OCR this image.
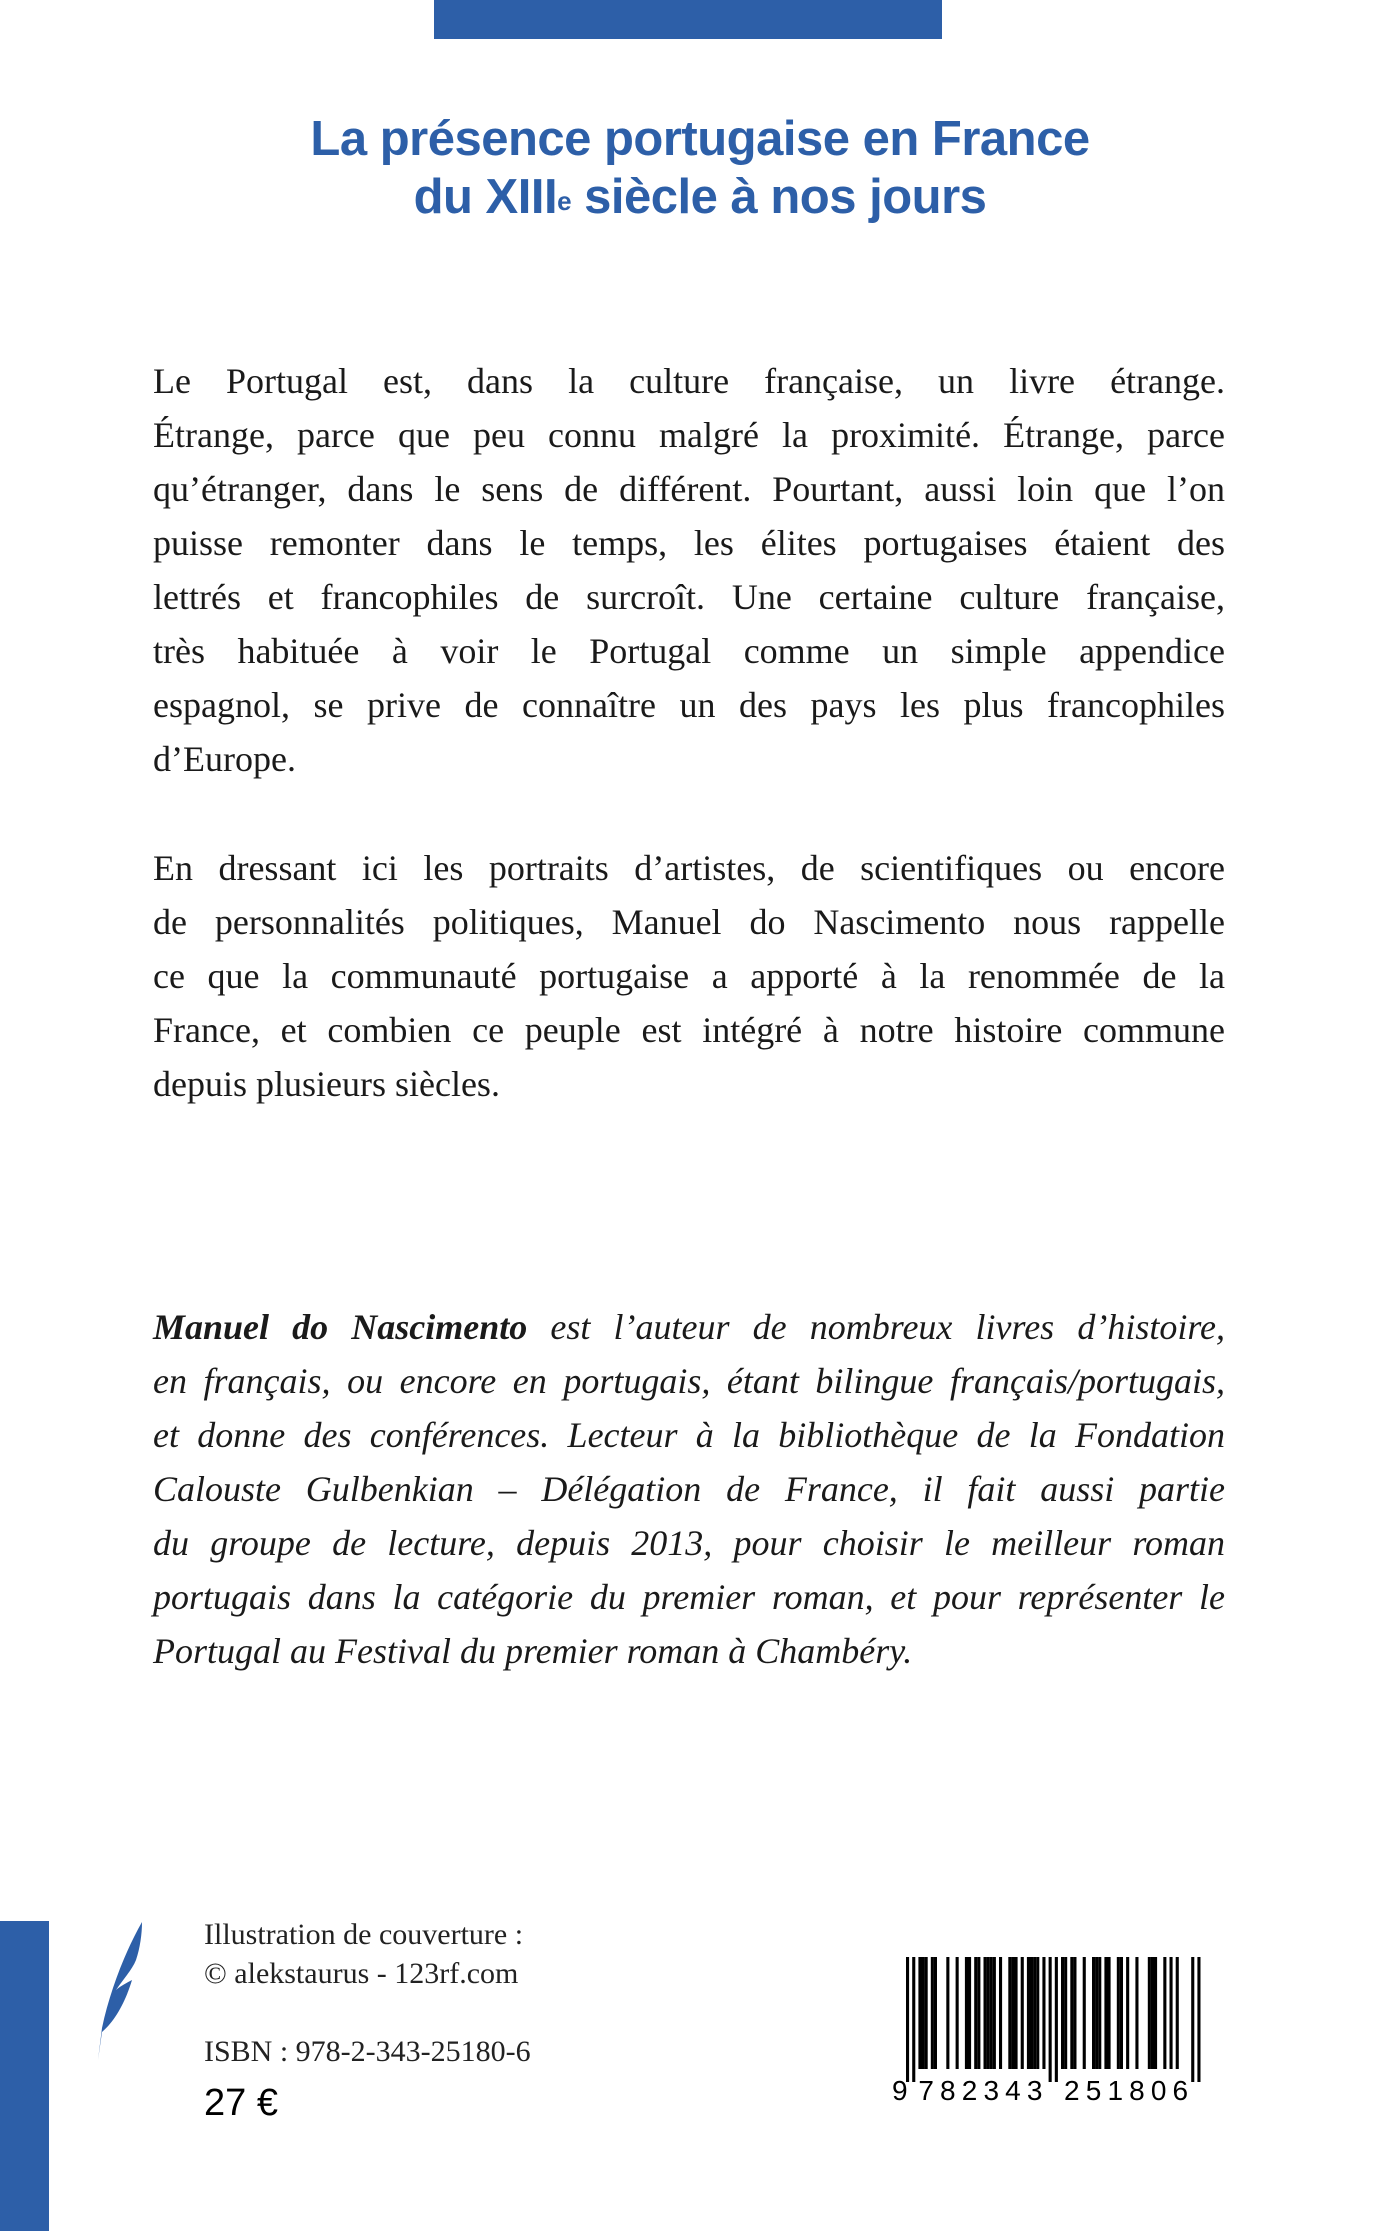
La présence portugaise en France
du XIIIe siècle à nos jours
Le Portugal est, dans la culture française, un livre étrange.
Étrange, parce que peu connu malgré la proximité. Étrange, parce
qu’étranger, dans le sens de différent. Pourtant, aussi loin que l’on
puisse remonter dans le temps, les élites portugaises étaient des
lettrés et francophiles de surcroît. Une certaine culture française,
très habituée à voir le Portugal comme un simple appendice
espagnol, se prive de connaître un des pays les plus francophiles
d’Europe.
En dressant ici les portraits d’artistes, de scientifiques ou encore
de personnalités politiques, Manuel do Nascimento nous rappelle
ce que la communauté portugaise a apporté à la renommée de la
France, et combien ce peuple est intégré à notre histoire commune
depuis plusieurs siècles.
Manuel do Nascimento est l’auteur de nombreux livres d’histoire,
en français, ou encore en portugais, étant bilingue français/portugais,
et donne des conférences. Lecteur à la bibliothèque de la Fondation
Calouste Gulbenkian – Délégation de France, il fait aussi partie
du groupe de lecture, depuis 2013, pour choisir le meilleur roman
portugais dans la catégorie du premier roman, et pour représenter le
Portugal au Festival du premier roman à Chambéry.
Illustration de couverture :
© alekstaurus - 123rf.com
ISBN : 978-2-343-25180-6
27 €	9 7 8 2 3 4 3 2 5 1 8 0 6
